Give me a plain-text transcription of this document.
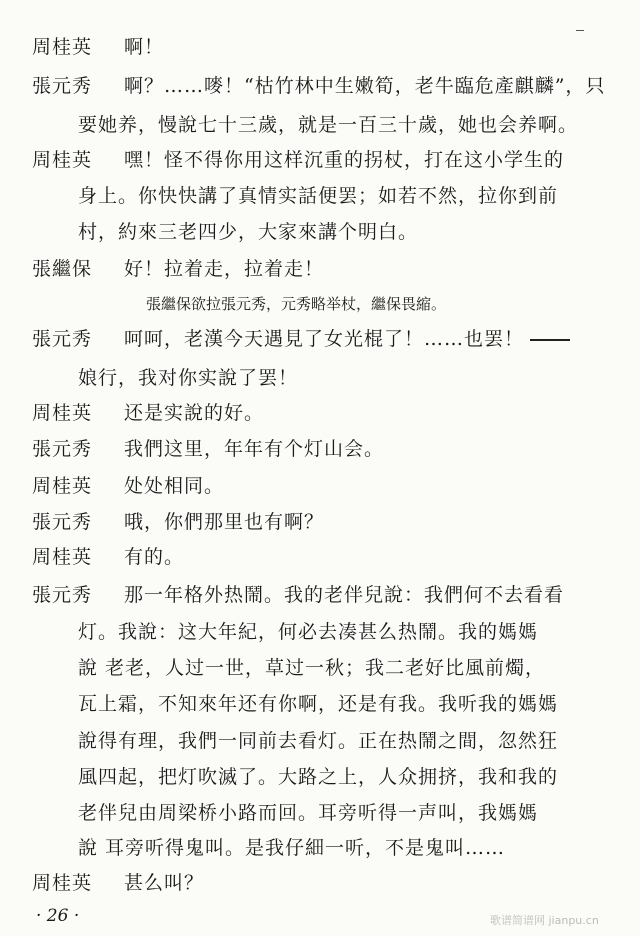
周桂英	啊！
張元秀	啊？……嘜！“枯竹林中生嫩筍，老牛臨危產麒麟”，只
要她养，慢說七十三歲，就是一百三十歲，她也会养啊。
周桂英	嘿！怪不得你用这样沉重的拐杖，打在这小学生的
身上。你快快講了真情实話便罢；如若不然，拉你到前
村，約來三老四少，大家來講个明白。
張繼保	好！拉着走，拉着走！
張繼保欲拉張元秀，元秀略举杖，繼保畏縮。
張元秀	呵呵，老漢今天遇見了女光棍了！……也罢！
娘行，我对你实說了罢！
周桂英	还是实說的好。
張元秀	我們这里，年年有个灯山会。
周桂英	处处相同。
張元秀	哦，你們那里也有啊？
周桂英	有的。
張元秀	那一年格外热鬧。我的老伴兒說：我們何不去看看
灯。我說：这大年紀，何必去凑甚么热鬧。我的媽媽
說 老老，人过一世，草过一秋；我二老好比風前燭，
瓦上霜，不知來年还有你啊，还是有我。我听我的媽媽
說得有理，我們一同前去看灯。正在热鬧之間，忽然狂
風四起，把灯吹滅了。大路之上，人众拥挤，我和我的
老伴兒由周梁桥小路而回。耳旁听得一声叫，我媽媽
說 耳旁听得鬼叫。是我仔細一听，不是鬼叫……
周桂英	甚么叫？
· 26 ·	歌谱简谱网 jianpu.cn
